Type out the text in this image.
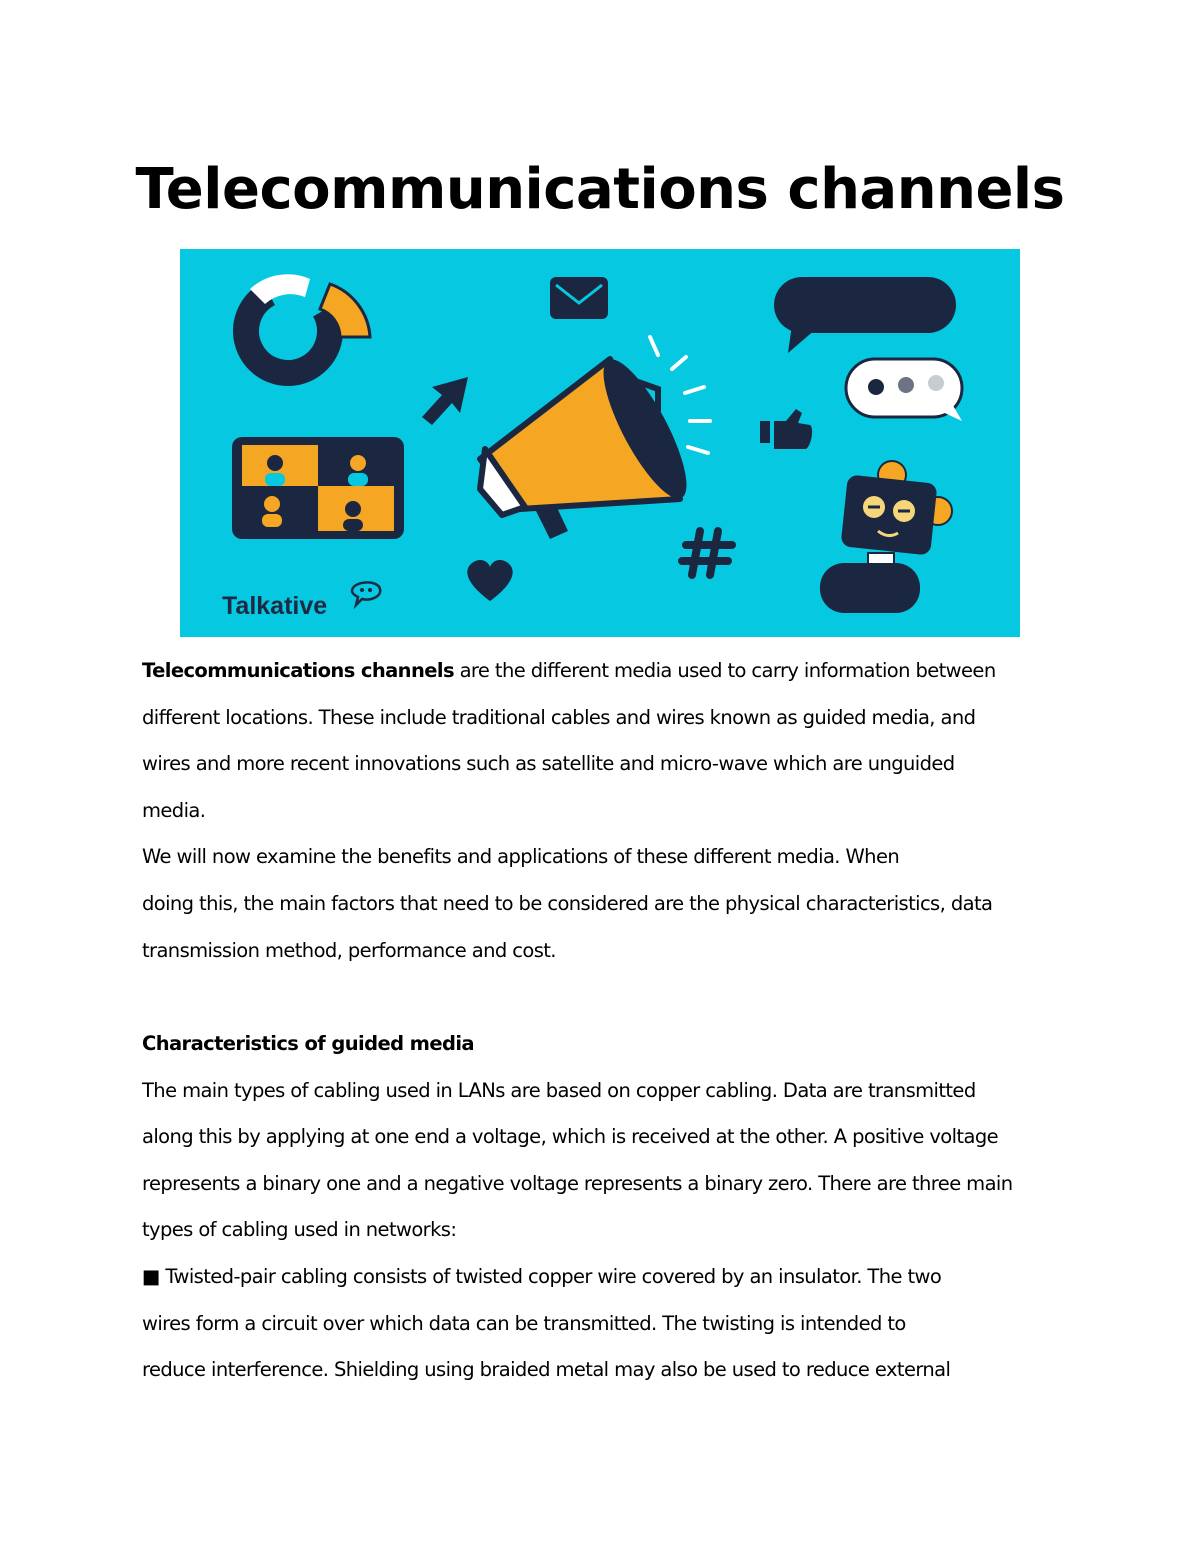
Telecommunications channels
Talkative
Telecommunications channels are the different media used to carry information between
different locations. These include traditional cables and wires known as guided media, and
wires and more recent innovations such as satellite and micro-wave which are unguided
media.
We will now examine the benefits and applications of these different media. When
doing this, the main factors that need to be considered are the physical characteristics, data
transmission method, performance and cost.
Characteristics of guided media
The main types of cabling used in LANs are based on copper cabling. Data are transmitted
along this by applying at one end a voltage, which is received at the other. A positive voltage
represents a binary one and a negative voltage represents a binary zero. There are three main
types of cabling used in networks:
■ Twisted-pair cabling consists of twisted copper wire covered by an insulator. The two
wires form a circuit over which data can be transmitted. The twisting is intended to
reduce interference. Shielding using braided metal may also be used to reduce external
